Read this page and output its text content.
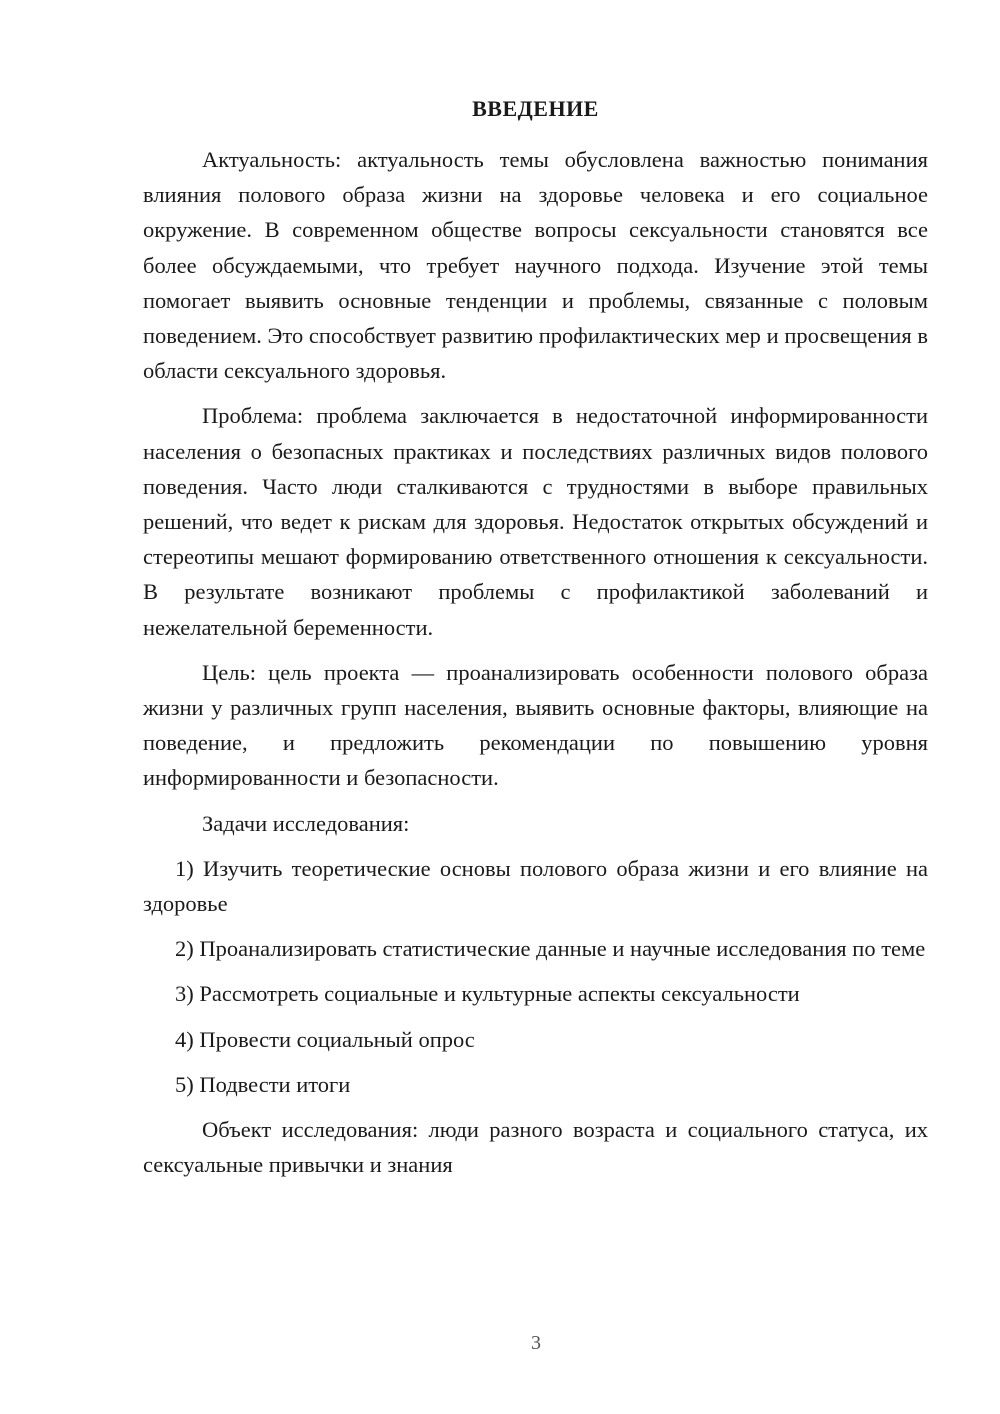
ВВЕДЕНИЕ

Актуальность: актуальность темы обусловлена важностью понимания влияния полового образа жизни на здоровье человека и его социальное окружение. В современном обществе вопросы сексуальности становятся все более обсуждаемыми, что требует научного подхода. Изучение этой темы помогает выявить основные тенденции и проблемы, связанные с половым поведением. Это способствует развитию профилактических мер и просвещения в области сексуального здоровья.

Проблема: проблема заключается в недостаточной информированности населения о безопасных практиках и последствиях различных видов полового поведения. Часто люди сталкиваются с трудностями в выборе правильных решений, что ведет к рискам для здоровья. Недостаток открытых обсуждений и стереотипы мешают формированию ответственного отношения к сексуальности. В результате возникают проблемы с профилактикой заболеваний и нежелательной беременности.

Цель: цель проекта — проанализировать особенности полового образа жизни у различных групп населения, выявить основные факторы, влияющие на поведение, и предложить рекомендации по повышению уровня информированности и безопасности.

Задачи исследования:

1) Изучить теоретические основы полового образа жизни и его влияние на здоровье

2) Проанализировать статистические данные и научные исследования по теме

3) Рассмотреть социальные и культурные аспекты сексуальности

4) Провести социальный опрос

5) Подвести итоги

Объект исследования: люди разного возраста и социального статуса, их сексуальные привычки и знания

3
